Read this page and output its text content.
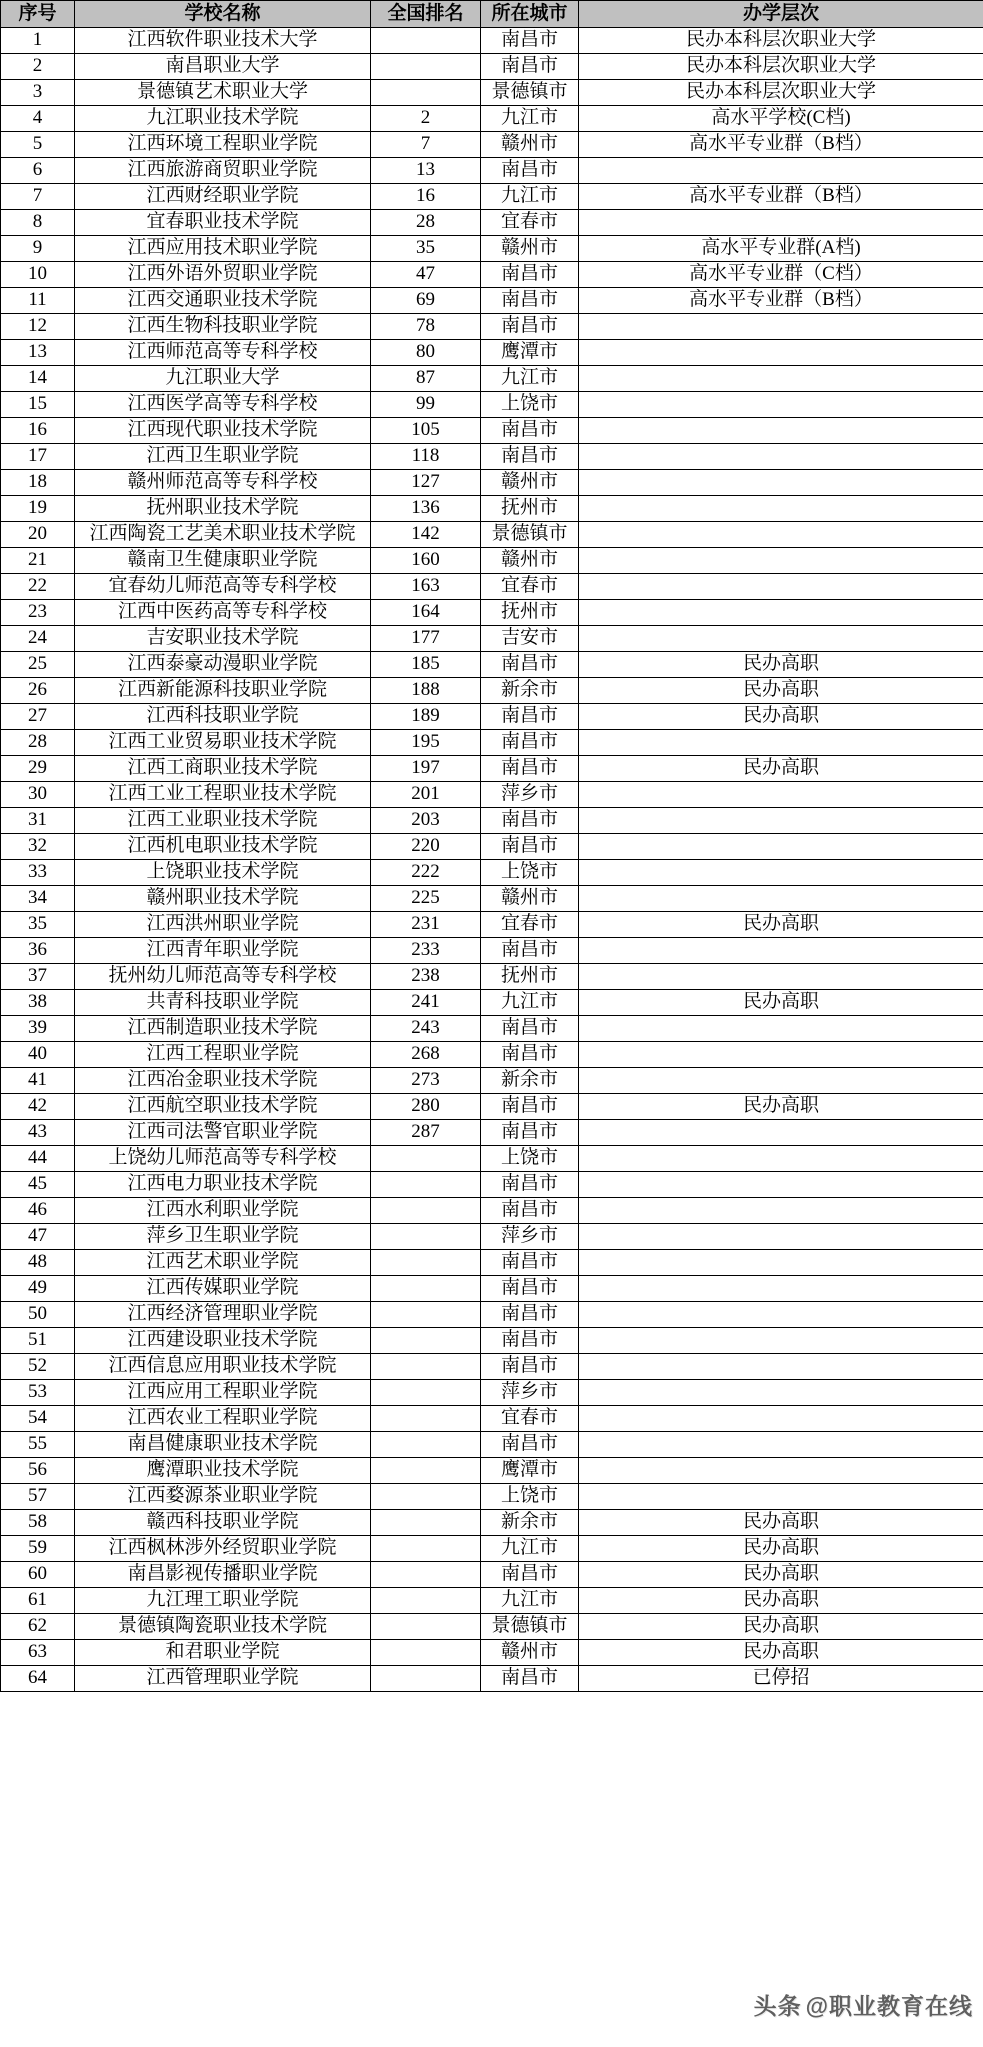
序号	学校名称	全国排名	所在城市	办学层次
1	江西软件职业技术大学		南昌市	民办本科层次职业大学
2	南昌职业大学		南昌市	民办本科层次职业大学
3	景德镇艺术职业大学		景德镇市	民办本科层次职业大学
4	九江职业技术学院	2	九江市	高水平学校(C档)
5	江西环境工程职业学院	7	赣州市	高水平专业群（B档）
6	江西旅游商贸职业学院	13	南昌市	
7	江西财经职业学院	16	九江市	高水平专业群（B档）
8	宜春职业技术学院	28	宜春市	
9	江西应用技术职业学院	35	赣州市	高水平专业群(A档)
10	江西外语外贸职业学院	47	南昌市	高水平专业群（C档）
11	江西交通职业技术学院	69	南昌市	高水平专业群（B档）
12	江西生物科技职业学院	78	南昌市	
13	江西师范高等专科学校	80	鹰潭市	
14	九江职业大学	87	九江市	
15	江西医学高等专科学校	99	上饶市	
16	江西现代职业技术学院	105	南昌市	
17	江西卫生职业学院	118	南昌市	
18	赣州师范高等专科学校	127	赣州市	
19	抚州职业技术学院	136	抚州市	
20	江西陶瓷工艺美术职业技术学院	142	景德镇市	
21	赣南卫生健康职业学院	160	赣州市	
22	宜春幼儿师范高等专科学校	163	宜春市	
23	江西中医药高等专科学校	164	抚州市	
24	吉安职业技术学院	177	吉安市	
25	江西泰豪动漫职业学院	185	南昌市	民办高职
26	江西新能源科技职业学院	188	新余市	民办高职
27	江西科技职业学院	189	南昌市	民办高职
28	江西工业贸易职业技术学院	195	南昌市	
29	江西工商职业技术学院	197	南昌市	民办高职
30	江西工业工程职业技术学院	201	萍乡市	
31	江西工业职业技术学院	203	南昌市	
32	江西机电职业技术学院	220	南昌市	
33	上饶职业技术学院	222	上饶市	
34	赣州职业技术学院	225	赣州市	
35	江西洪州职业学院	231	宜春市	民办高职
36	江西青年职业学院	233	南昌市	
37	抚州幼儿师范高等专科学校	238	抚州市	
38	共青科技职业学院	241	九江市	民办高职
39	江西制造职业技术学院	243	南昌市	
40	江西工程职业学院	268	南昌市	
41	江西冶金职业技术学院	273	新余市	
42	江西航空职业技术学院	280	南昌市	民办高职
43	江西司法警官职业学院	287	南昌市	
44	上饶幼儿师范高等专科学校		上饶市	
45	江西电力职业技术学院		南昌市	
46	江西水利职业学院		南昌市	
47	萍乡卫生职业学院		萍乡市	
48	江西艺术职业学院		南昌市	
49	江西传媒职业学院		南昌市	
50	江西经济管理职业学院		南昌市	
51	江西建设职业技术学院		南昌市	
52	江西信息应用职业技术学院		南昌市	
53	江西应用工程职业学院		萍乡市	
54	江西农业工程职业学院		宜春市	
55	南昌健康职业技术学院		南昌市	
56	鹰潭职业技术学院		鹰潭市	
57	江西婺源茶业职业学院		上饶市	
58	赣西科技职业学院		新余市	民办高职
59	江西枫林涉外经贸职业学院		九江市	民办高职
60	南昌影视传播职业学院		南昌市	民办高职
61	九江理工职业学院		九江市	民办高职
62	景德镇陶瓷职业技术学院		景德镇市	民办高职
63	和君职业学院		赣州市	民办高职
64	江西管理职业学院		南昌市	已停招
头条 @职业教育在线
